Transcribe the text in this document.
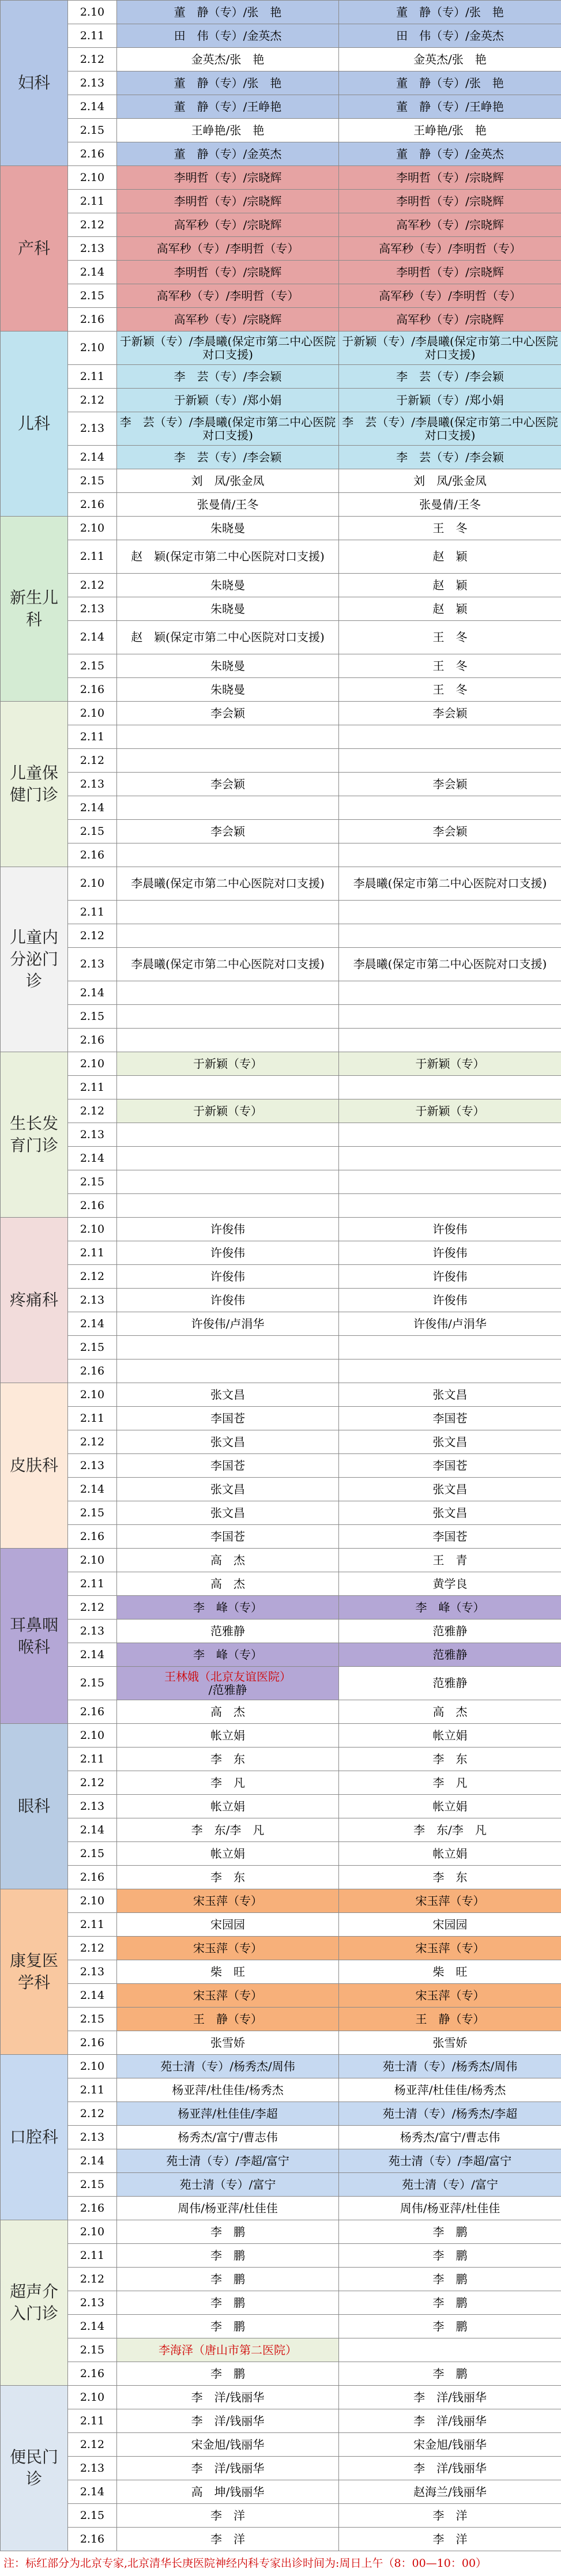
妇科	2.10	董　静（专）/张　艳	董　静（专）/张　艳
	2.11	田　伟（专）/金英杰	田　伟（专）/金英杰
	2.12	金英杰/张　艳	金英杰/张　艳
	2.13	董　静（专）/张　艳	董　静（专）/张　艳
	2.14	董　静（专）/王峥艳	董　静（专）/王峥艳
	2.15	王峥艳/张　艳	王峥艳/张　艳
	2.16	董　静（专）/金英杰	董　静（专）/金英杰
产科	2.10	李明哲（专）/宗晓辉	李明哲（专）/宗晓辉
	2.11	李明哲（专）/宗晓辉	李明哲（专）/宗晓辉
	2.12	高军秒（专）/宗晓辉	高军秒（专）/宗晓辉
	2.13	高军秒（专）/李明哲（专）	高军秒（专）/李明哲（专）
	2.14	李明哲（专）/宗晓辉	李明哲（专）/宗晓辉
	2.15	高军秒（专）/李明哲（专）	高军秒（专）/李明哲（专）
	2.16	高军秒（专）/宗晓辉	高军秒（专）/宗晓辉
儿科	2.10	于新颖（专）/李晨曦(保定市第二中心医院对口支援)	于新颖（专）/李晨曦(保定市第二中心医院对口支援)
	2.11	李　芸（专）/李会颖	李　芸（专）/李会颖
	2.12	于新颖（专）/郑小娟	于新颖（专）/郑小娟
	2.13	李　芸（专）/李晨曦(保定市第二中心医院对口支援)	李　芸（专）/李晨曦(保定市第二中心医院对口支援)
	2.14	李　芸（专）/李会颖	李　芸（专）/李会颖
	2.15	刘　凤/张金凤	刘　凤/张金凤
	2.16	张曼倩/王冬	张曼倩/王冬
新生儿科	2.10	朱晓曼	王　冬
	2.11	赵　颖(保定市第二中心医院对口支援)	赵　颖
	2.12	朱晓曼	赵　颖
	2.13	朱晓曼	赵　颖
	2.14	赵　颖(保定市第二中心医院对口支援)	王　冬
	2.15	朱晓曼	王　冬
	2.16	朱晓曼	王　冬
儿童保健门诊	2.10	李会颖	李会颖
	2.11		
	2.12		
	2.13	李会颖	李会颖
	2.14		
	2.15	李会颖	李会颖
	2.16		
儿童内分泌门诊	2.10	李晨曦(保定市第二中心医院对口支援)	李晨曦(保定市第二中心医院对口支援)
	2.11		
	2.12		
	2.13	李晨曦(保定市第二中心医院对口支援)	李晨曦(保定市第二中心医院对口支援)
	2.14		
	2.15		
	2.16		
生长发育门诊	2.10	于新颖（专）	于新颖（专）
	2.11		
	2.12	于新颖（专）	于新颖（专）
	2.13		
	2.14		
	2.15		
	2.16		
疼痛科	2.10	许俊伟	许俊伟
	2.11	许俊伟	许俊伟
	2.12	许俊伟	许俊伟
	2.13	许俊伟	许俊伟
	2.14	许俊伟/卢涓华	许俊伟/卢涓华
	2.15		
	2.16		
皮肤科	2.10	张文昌	张文昌
	2.11	李国苍	李国苍
	2.12	张文昌	张文昌
	2.13	李国苍	李国苍
	2.14	张文昌	张文昌
	2.15	张文昌	张文昌
	2.16	李国苍	李国苍
耳鼻咽喉科	2.10	高　杰	王　青
	2.11	高　杰	黄学良
	2.12	李　峰（专）	李　峰（专）
	2.13	范雅静	范雅静
	2.14	李　峰（专）	范雅静
	2.15	王林娥（北京友谊医院）
/范雅静	范雅静
	2.16	高　杰	高　杰
眼科	2.10	帐立娟	帐立娟
	2.11	李　东	李　东
	2.12	李　凡	李　凡
	2.13	帐立娟	帐立娟
	2.14	李　东/李　凡	李　东/李　凡
	2.15	帐立娟	帐立娟
	2.16	李　东	李　东
康复医学科	2.10	宋玉萍（专）	宋玉萍（专）
	2.11	宋园园	宋园园
	2.12	宋玉萍（专）	宋玉萍（专）
	2.13	柴　旺	柴　旺
	2.14	宋玉萍（专）	宋玉萍（专）
	2.15	王　静（专）	王　静（专）
	2.16	张雪娇	张雪娇
口腔科	2.10	苑士清（专）/杨秀杰/周伟	苑士清（专）/杨秀杰/周伟
	2.11	杨亚萍/杜佳佳/杨秀杰	杨亚萍/杜佳佳/杨秀杰
	2.12	杨亚萍/杜佳佳/李超	苑士清（专）/杨秀杰/李超
	2.13	杨秀杰/富宁/曹志伟	杨秀杰/富宁/曹志伟
	2.14	苑士清（专）/李超/富宁	苑士清（专）/李超/富宁
	2.15	苑士清（专）/富宁	苑士清（专）/富宁
	2.16	周伟/杨亚萍/杜佳佳	周伟/杨亚萍/杜佳佳
超声介入门诊	2.10	李　鹏	李　鹏
	2.11	李　鹏	李　鹏
	2.12	李　鹏	李　鹏
	2.13	李　鹏	李　鹏
	2.14	李　鹏	李　鹏
	2.15	李海泽（唐山市第二医院）	
	2.16	李　鹏	李　鹏
便民门诊	2.10	李　洋/钱丽华	李　洋/钱丽华
	2.11	李　洋/钱丽华	李　洋/钱丽华
	2.12	宋金旭/钱丽华	宋金旭/钱丽华
	2.13	李　洋/钱丽华	李　洋/钱丽华
	2.14	高　坤/钱丽华	赵海兰/钱丽华
	2.15	李　洋	李　洋
	2.16	李　洋	李　洋
注：标红部分为北京专家,北京清华长庚医院神经内科专家出诊时间为:周日上午（8：00—10：00）
